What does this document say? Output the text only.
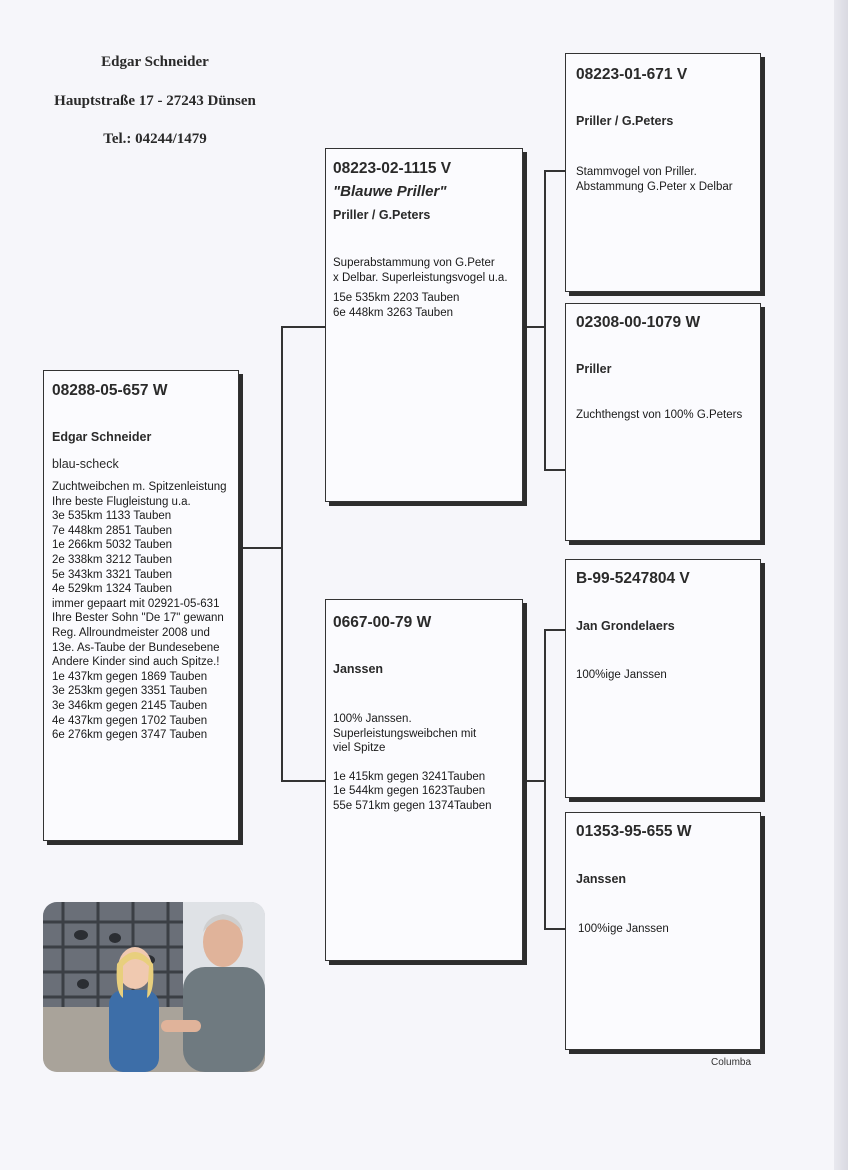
Edgar Schneider
Hauptstraße 17 - 27243 Dünsen
Tel.: 04244/1479
08288-05-657 W
Edgar Schneider
blau-scheck
Zuchtweibchen m. Spitzenleistung
Ihre beste Flugleistung u.a.
3e 535km 1133 Tauben
7e 448km 2851 Tauben
1e 266km 5032 Tauben
2e 338km 3212 Tauben
5e 343km 3321 Tauben
4e 529km 1324 Tauben
immer gepaart mit 02921-05-631
Ihre Bester Sohn "De 17" gewann
Reg. Allroundmeister 2008 und
13e. As-Taube der Bundesebene
Andere Kinder sind auch Spitze.!
1e 437km gegen 1869 Tauben
3e 253km gegen 3351 Tauben
3e 346km gegen 2145 Tauben
4e 437km gegen 1702 Tauben
6e 276km gegen 3747 Tauben
08223-02-1115 V
"Blauwe Priller"
Priller / G.Peters
Superabstammung von G.Peter
x Delbar. Superleistungsvogel u.a.
15e 535km 2203 Tauben
6e 448km 3263 Tauben
0667-00-79 W
Janssen
100% Janssen.
Superleistungsweibchen mit
viel Spitze
1e 415km gegen 3241Tauben
1e 544km gegen 1623Tauben
55e 571km gegen 1374Tauben
08223-01-671 V
Priller / G.Peters
Stammvogel von Priller.
Abstammung G.Peter x Delbar
02308-00-1079 W
Priller
Zuchthengst von 100% G.Peters
B-99-5247804 V
Jan Grondelaers
100%ige Janssen
01353-95-655 W
Janssen
100%ige Janssen
Columba
